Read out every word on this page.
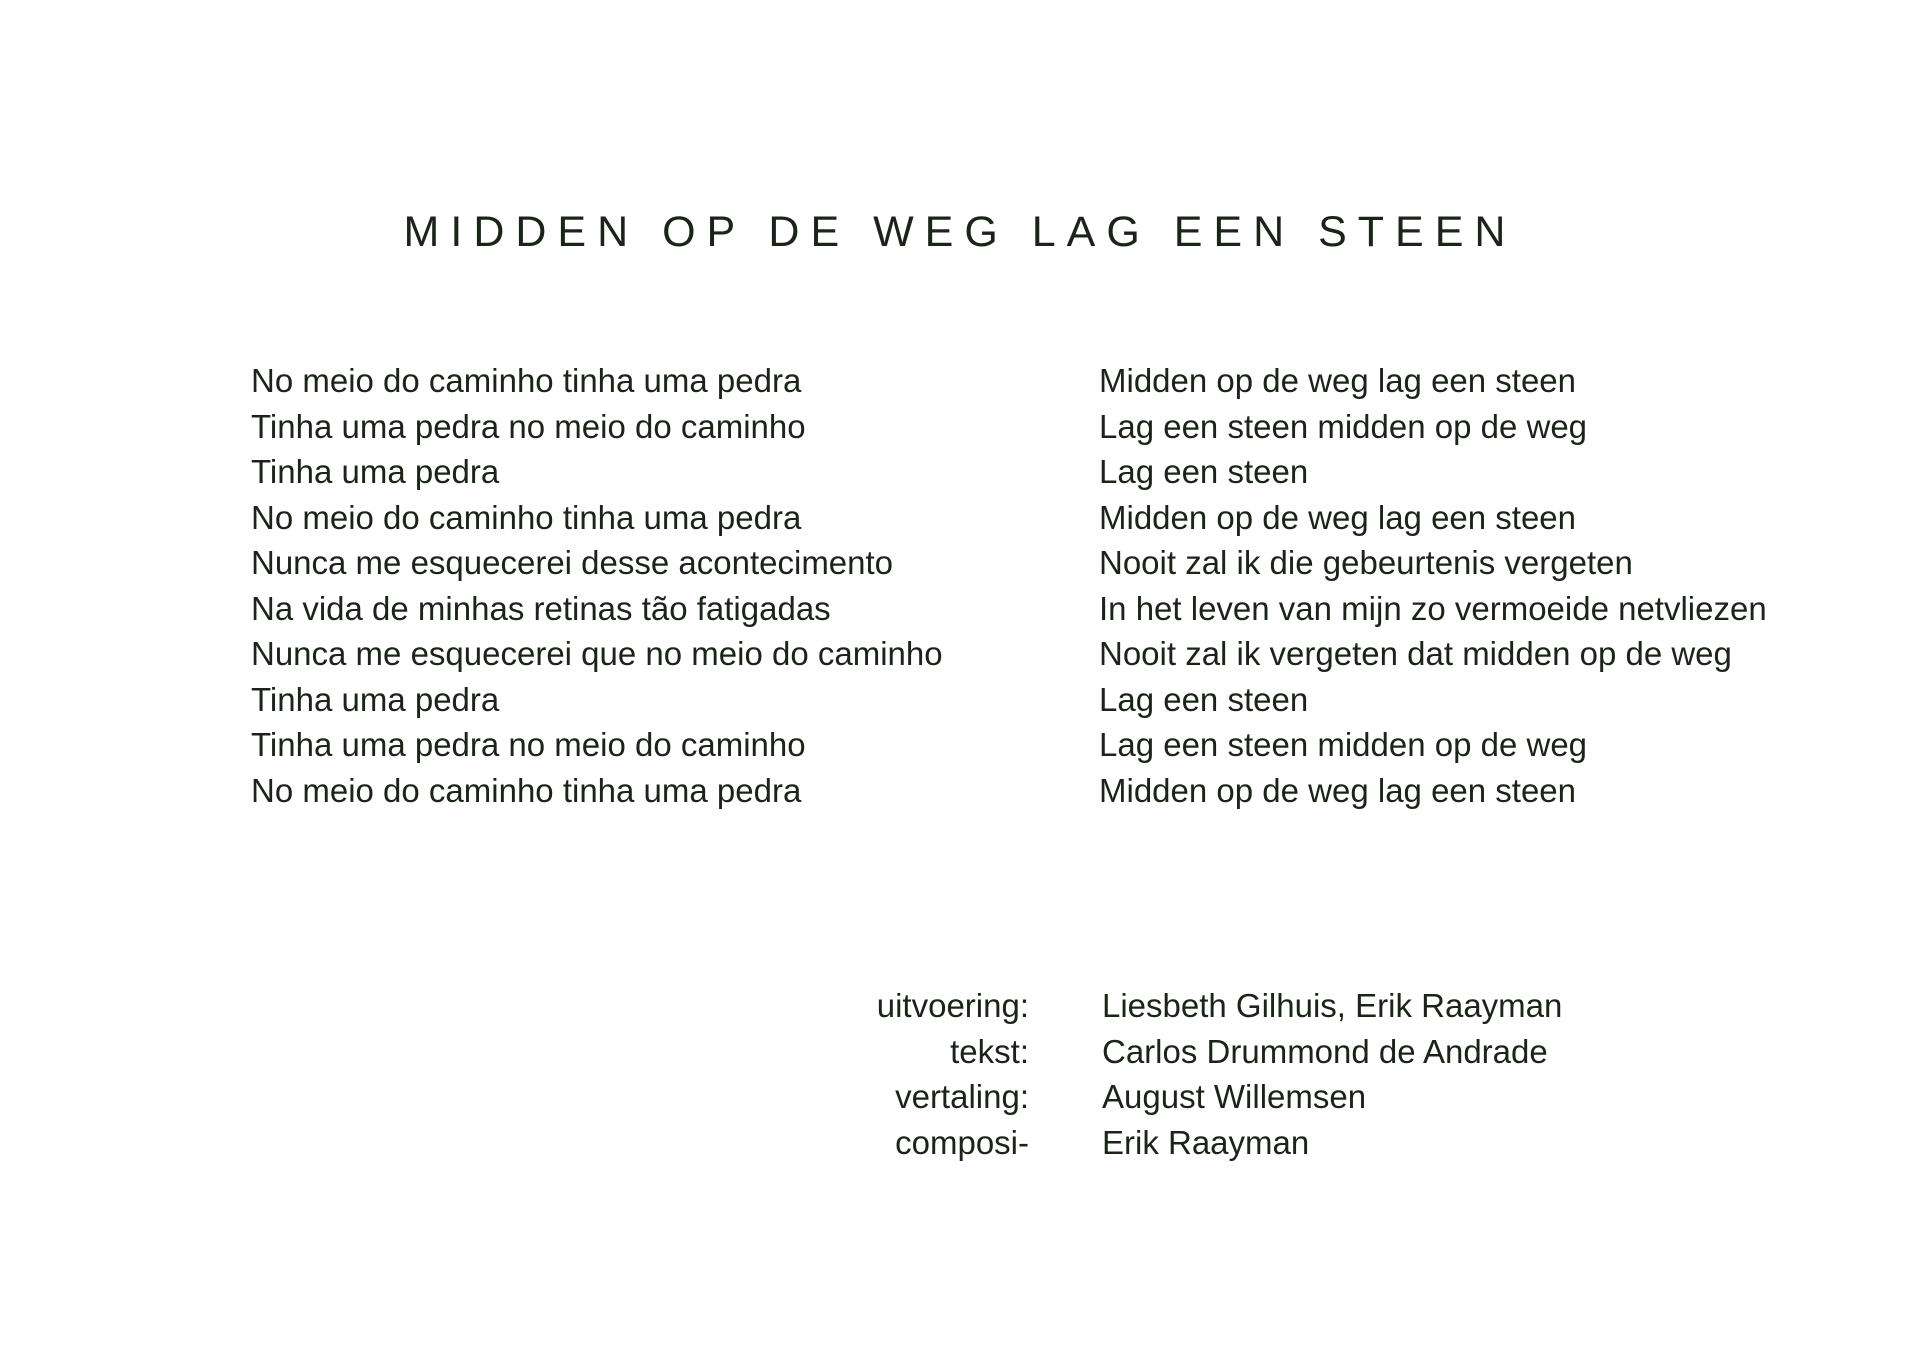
MIDDEN OP DE WEG LAG EEN STEEN
No meio do caminho tinha uma pedra
Tinha uma pedra no meio do caminho
Tinha uma pedra
No meio do caminho tinha uma pedra
Nunca me esquecerei desse acontecimento
Na vida de minhas retinas tão fatigadas
Nunca me esquecerei que no meio do caminho
Tinha uma pedra
Tinha uma pedra no meio do caminho
No meio do caminho tinha uma pedra
Midden op de weg lag een steen
Lag een steen midden op de weg
Lag een steen
Midden op de weg lag een steen
Nooit zal ik die gebeurtenis vergeten
In het leven van mijn zo vermoeide netvliezen
Nooit zal ik vergeten dat midden op de weg
Lag een steen
Lag een steen midden op de weg
Midden op de weg lag een steen
uitvoering: Liesbeth Gilhuis, Erik Raayman
tekst: Carlos Drummond de Andrade
vertaling: August Willemsen
composi- Erik Raayman
